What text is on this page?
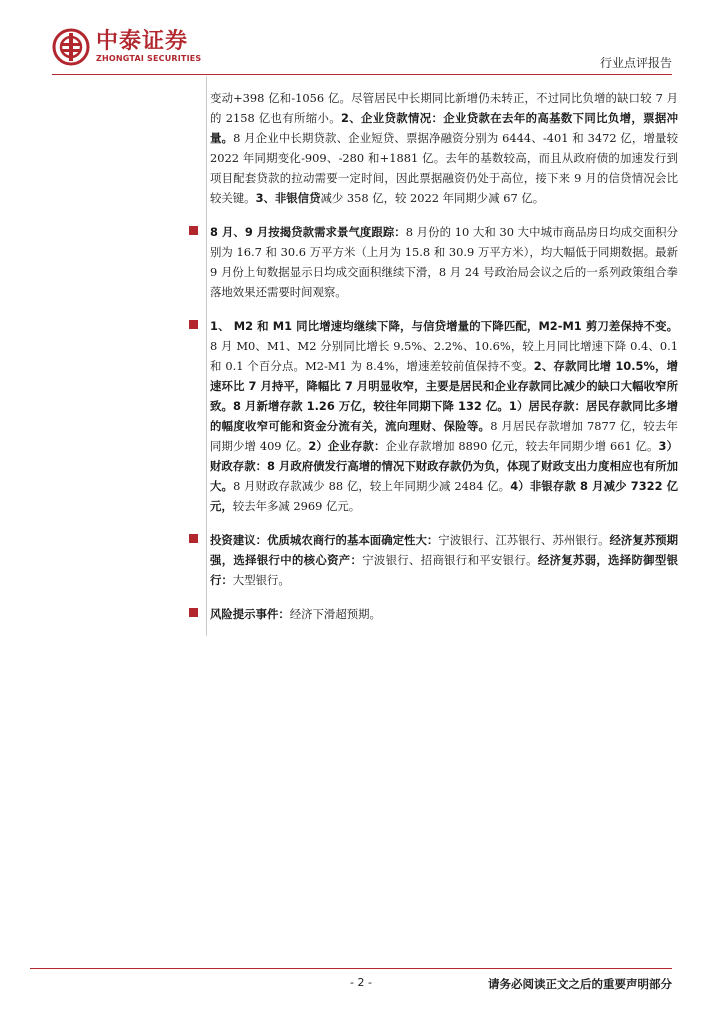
中泰证券
ZHONGTAI SECURITIES	行业点评报告

变动+398 亿和-1056 亿。尽管居民中长期同比新增仍未转正，不过同比负增的缺口较 7 月的 2158 亿也有所缩小。2、企业贷款情况：企业贷款在去年的高基数下同比负增，票据冲量。8 月企业中长期贷款、企业短贷、票据净融资分别为 6444、-401 和 3472 亿，增量较 2022 年同期变化-909、-280 和+1881 亿。去年的基数较高，而且从政府债的加速发行到项目配套贷款的拉动需要一定时间，因此票据融资仍处于高位，接下来 9 月的信贷情况会比较关键。3、非银信贷减少 358 亿，较 2022 年同期少减 67 亿。

8 月、9 月按揭贷款需求景气度跟踪：8 月份的 10 大和 30 大中城市商品房日均成交面积分别为 16.7 和 30.6 万平方米（上月为 15.8 和 30.9 万平方米），均大幅低于同期数据。最新 9 月份上旬数据显示日均成交面积继续下滑，8 月 24 号政治局会议之后的一系列政策组合拳落地效果还需要时间观察。

1、 M2 和 M1 同比增速均继续下降，与信贷增量的下降匹配，M2-M1 剪刀差保持不变。8 月 M0、M1、M2 分别同比增长 9.5%、2.2%、10.6%，较上月同比增速下降 0.4、0.1 和 0.1 个百分点。M2-M1 为 8.4%，增速差较前值保持不变。2、存款同比增 10.5%，增速环比 7 月持平，降幅比 7 月明显收窄，主要是居民和企业存款同比减少的缺口大幅收窄所致。8 月新增存款 1.26 万亿，较往年同期下降 132 亿。1）居民存款：居民存款同比多增的幅度收窄可能和资金分流有关，流向理财、保险等。8 月居民存款增加 7877 亿，较去年同期少增 409 亿。2）企业存款：企业存款增加 8890 亿元，较去年同期少增 661 亿。3）财政存款：8 月政府债发行高增的情况下财政存款仍为负，体现了财政支出力度相应也有所加大。8 月财政存款减少 88 亿，较上年同期少减 2484 亿。4）非银存款 8 月减少 7322 亿元，较去年多减 2969 亿元。

投资建议：优质城农商行的基本面确定性大：宁波银行、江苏银行、苏州银行。经济复苏预期强，选择银行中的核心资产：宁波银行、招商银行和平安银行。经济复苏弱，选择防御型银行：大型银行。

风险提示事件：经济下滑超预期。

- 2 -	请务必阅读正文之后的重要声明部分
